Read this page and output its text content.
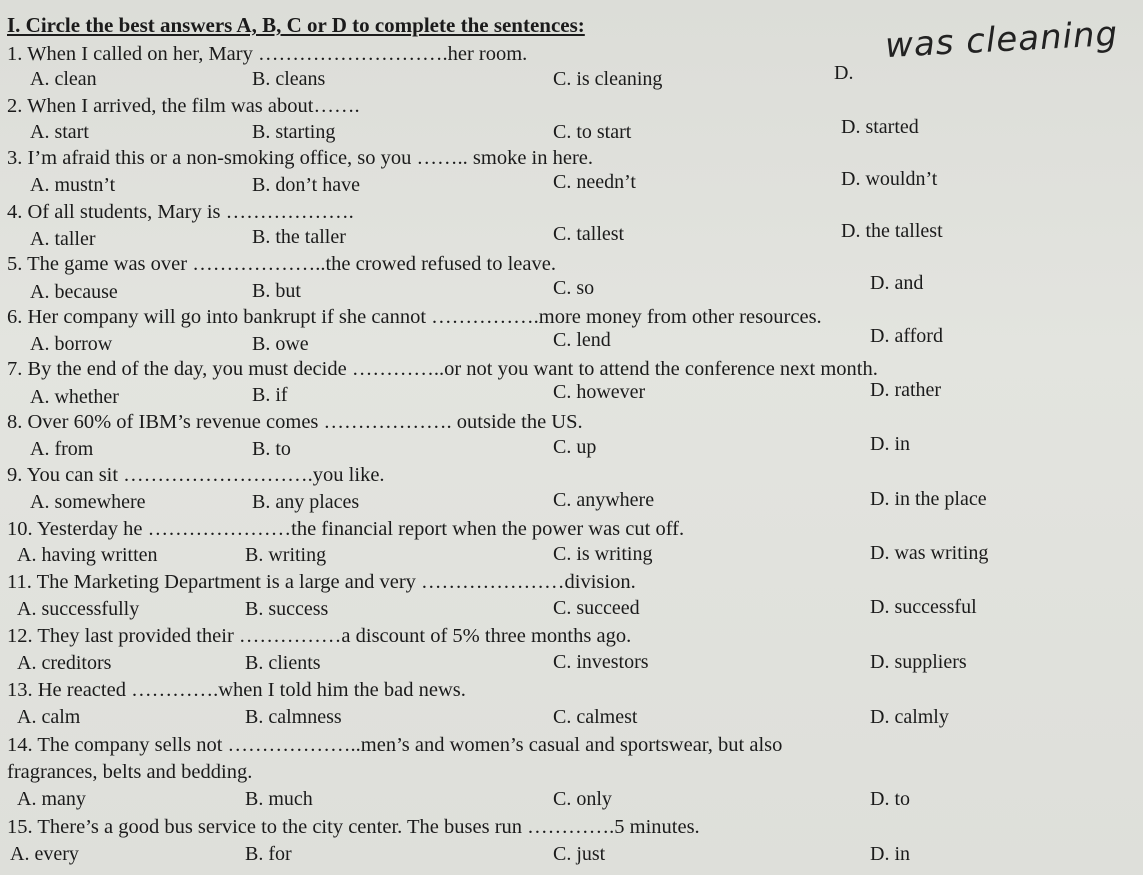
I. Circle the best answers A, B, C or D to complete the sentences:	was cleaning
1. When I called on her, Mary ……………………….her room.
A. clean	B. cleans	C. is cleaning	D.
2. When I arrived, the film was about…….
A. start	B. starting	C. to start	D. started
3. I’m afraid this or a non-smoking office, so you …….. smoke in here.
A. mustn’t	B. don’t have	C. needn’t	D. wouldn’t
4. Of all students, Mary is ……………….
A. taller	B. the taller	C. tallest	D. the tallest
5. The game was over ………………..the crowed refused to leave.
A. because	B. but	C. so	D. and
6. Her company will go into bankrupt if she cannot …………….more money from other resources.
A. borrow	B. owe	C. lend	D. afford
7. By the end of the day, you must decide …………..or not you want to attend the conference next month.
A. whether	B. if	C. however	D. rather
8. Over 60% of IBM’s revenue comes ………………. outside the US.
A. from	B. to	C. up	D. in
9. You can sit ……………………….you like.
A. somewhere	B. any places	C. anywhere	D. in the place
10. Yesterday he …………………the financial report when the power was cut off.
A. having written	B. writing	C. is writing	D. was writing
11. The Marketing Department is a large and very …………………division.
A. successfully	B. success	C. succeed	D. successful
12. They last provided their ……………a discount of 5% three months ago.
A. creditors	B. clients	C. investors	D. suppliers
13. He reacted ………….when I told him the bad news.
A. calm	B. calmness	C. calmest	D. calmly
14. The company sells not ………………..men’s and women’s casual and sportswear, but also
fragrances, belts and bedding.
A. many	B. much	C. only	D. to
15. There’s a good bus service to the city center. The buses run ………….5 minutes.
A. every	B. for	C. just	D. in
